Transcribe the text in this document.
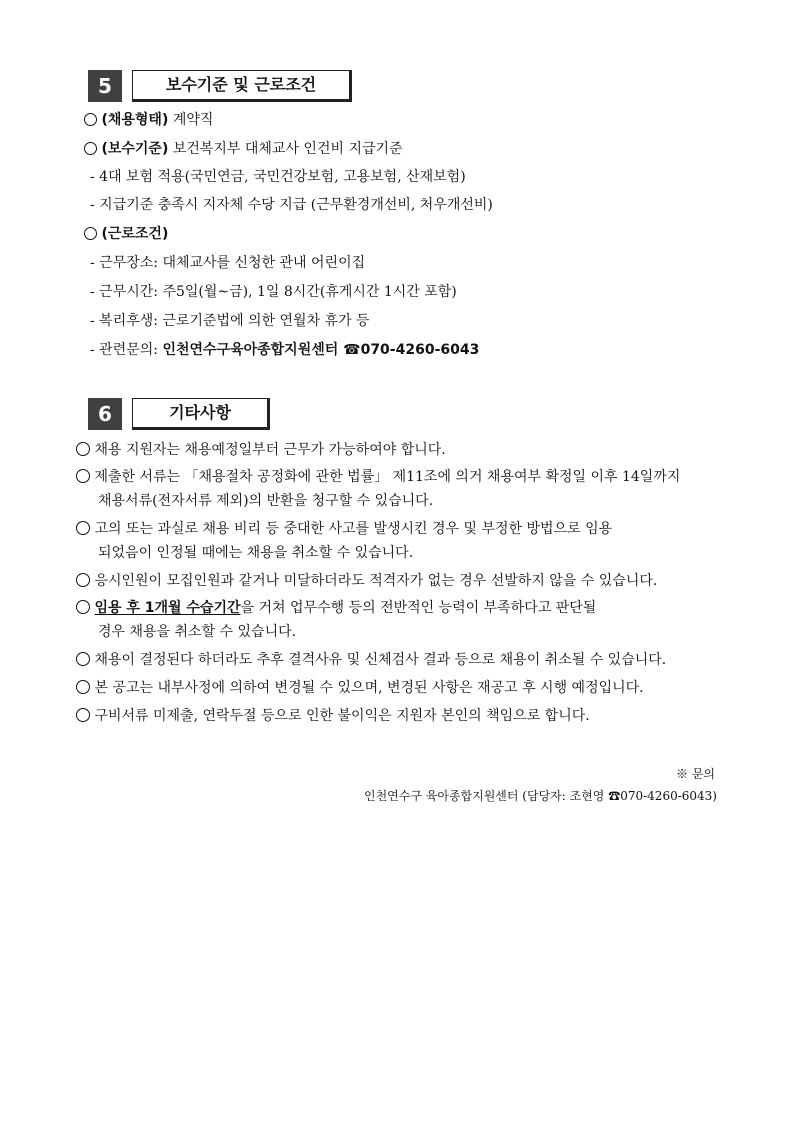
5	보수기준 및 근로조건
(채용형태) 계약직
(보수기준) 보건복지부 대체교사 인건비 지급기준
- 4대 보험 적용(국민연금, 국민건강보험, 고용보험, 산재보험)
- 지급기준 충족시 지자체 수당 지급 (근무환경개선비, 처우개선비)
(근로조건)
- 근무장소: 대체교사를 신청한 관내 어린이집
- 근무시간: 주5일(월~금), 1일 8시간(휴게시간 1시간 포함)
- 복리후생: 근로기준법에 의한 연월차 휴가 등
- 관련문의: 인천연수구육아종합지원센터 ☎070-4260-6043
6	기타사항
채용 지원자는 채용예정일부터 근무가 가능하여야 합니다.
제출한 서류는 「채용절차 공정화에 관한 법률」 제11조에 의거 채용여부 확정일 이후 14일까지
채용서류(전자서류 제외)의 반환을 청구할 수 있습니다.
고의 또는 과실로 채용 비리 등 중대한 사고를 발생시킨 경우 및 부정한 방법으로 임용
되었음이 인정될 때에는 채용을 취소할 수 있습니다.
응시인원이 모집인원과 같거나 미달하더라도 적격자가 없는 경우 선발하지 않을 수 있습니다.
임용 후 1개월 수습기간을 거쳐 업무수행 등의 전반적인 능력이 부족하다고 판단될
경우 채용을 취소할 수 있습니다.
채용이 결정된다 하더라도 추후 결격사유 및 신체검사 결과 등으로 채용이 취소될 수 있습니다.
본 공고는 내부사정에 의하여 변경될 수 있으며, 변경된 사항은 재공고 후 시행 예정입니다.
구비서류 미제출, 연락두절 등으로 인한 불이익은 지원자 본인의 책임으로 합니다.
※ 문의
인천연수구 육아종합지원센터 (담당자: 조현영 ☎070-4260-6043)
